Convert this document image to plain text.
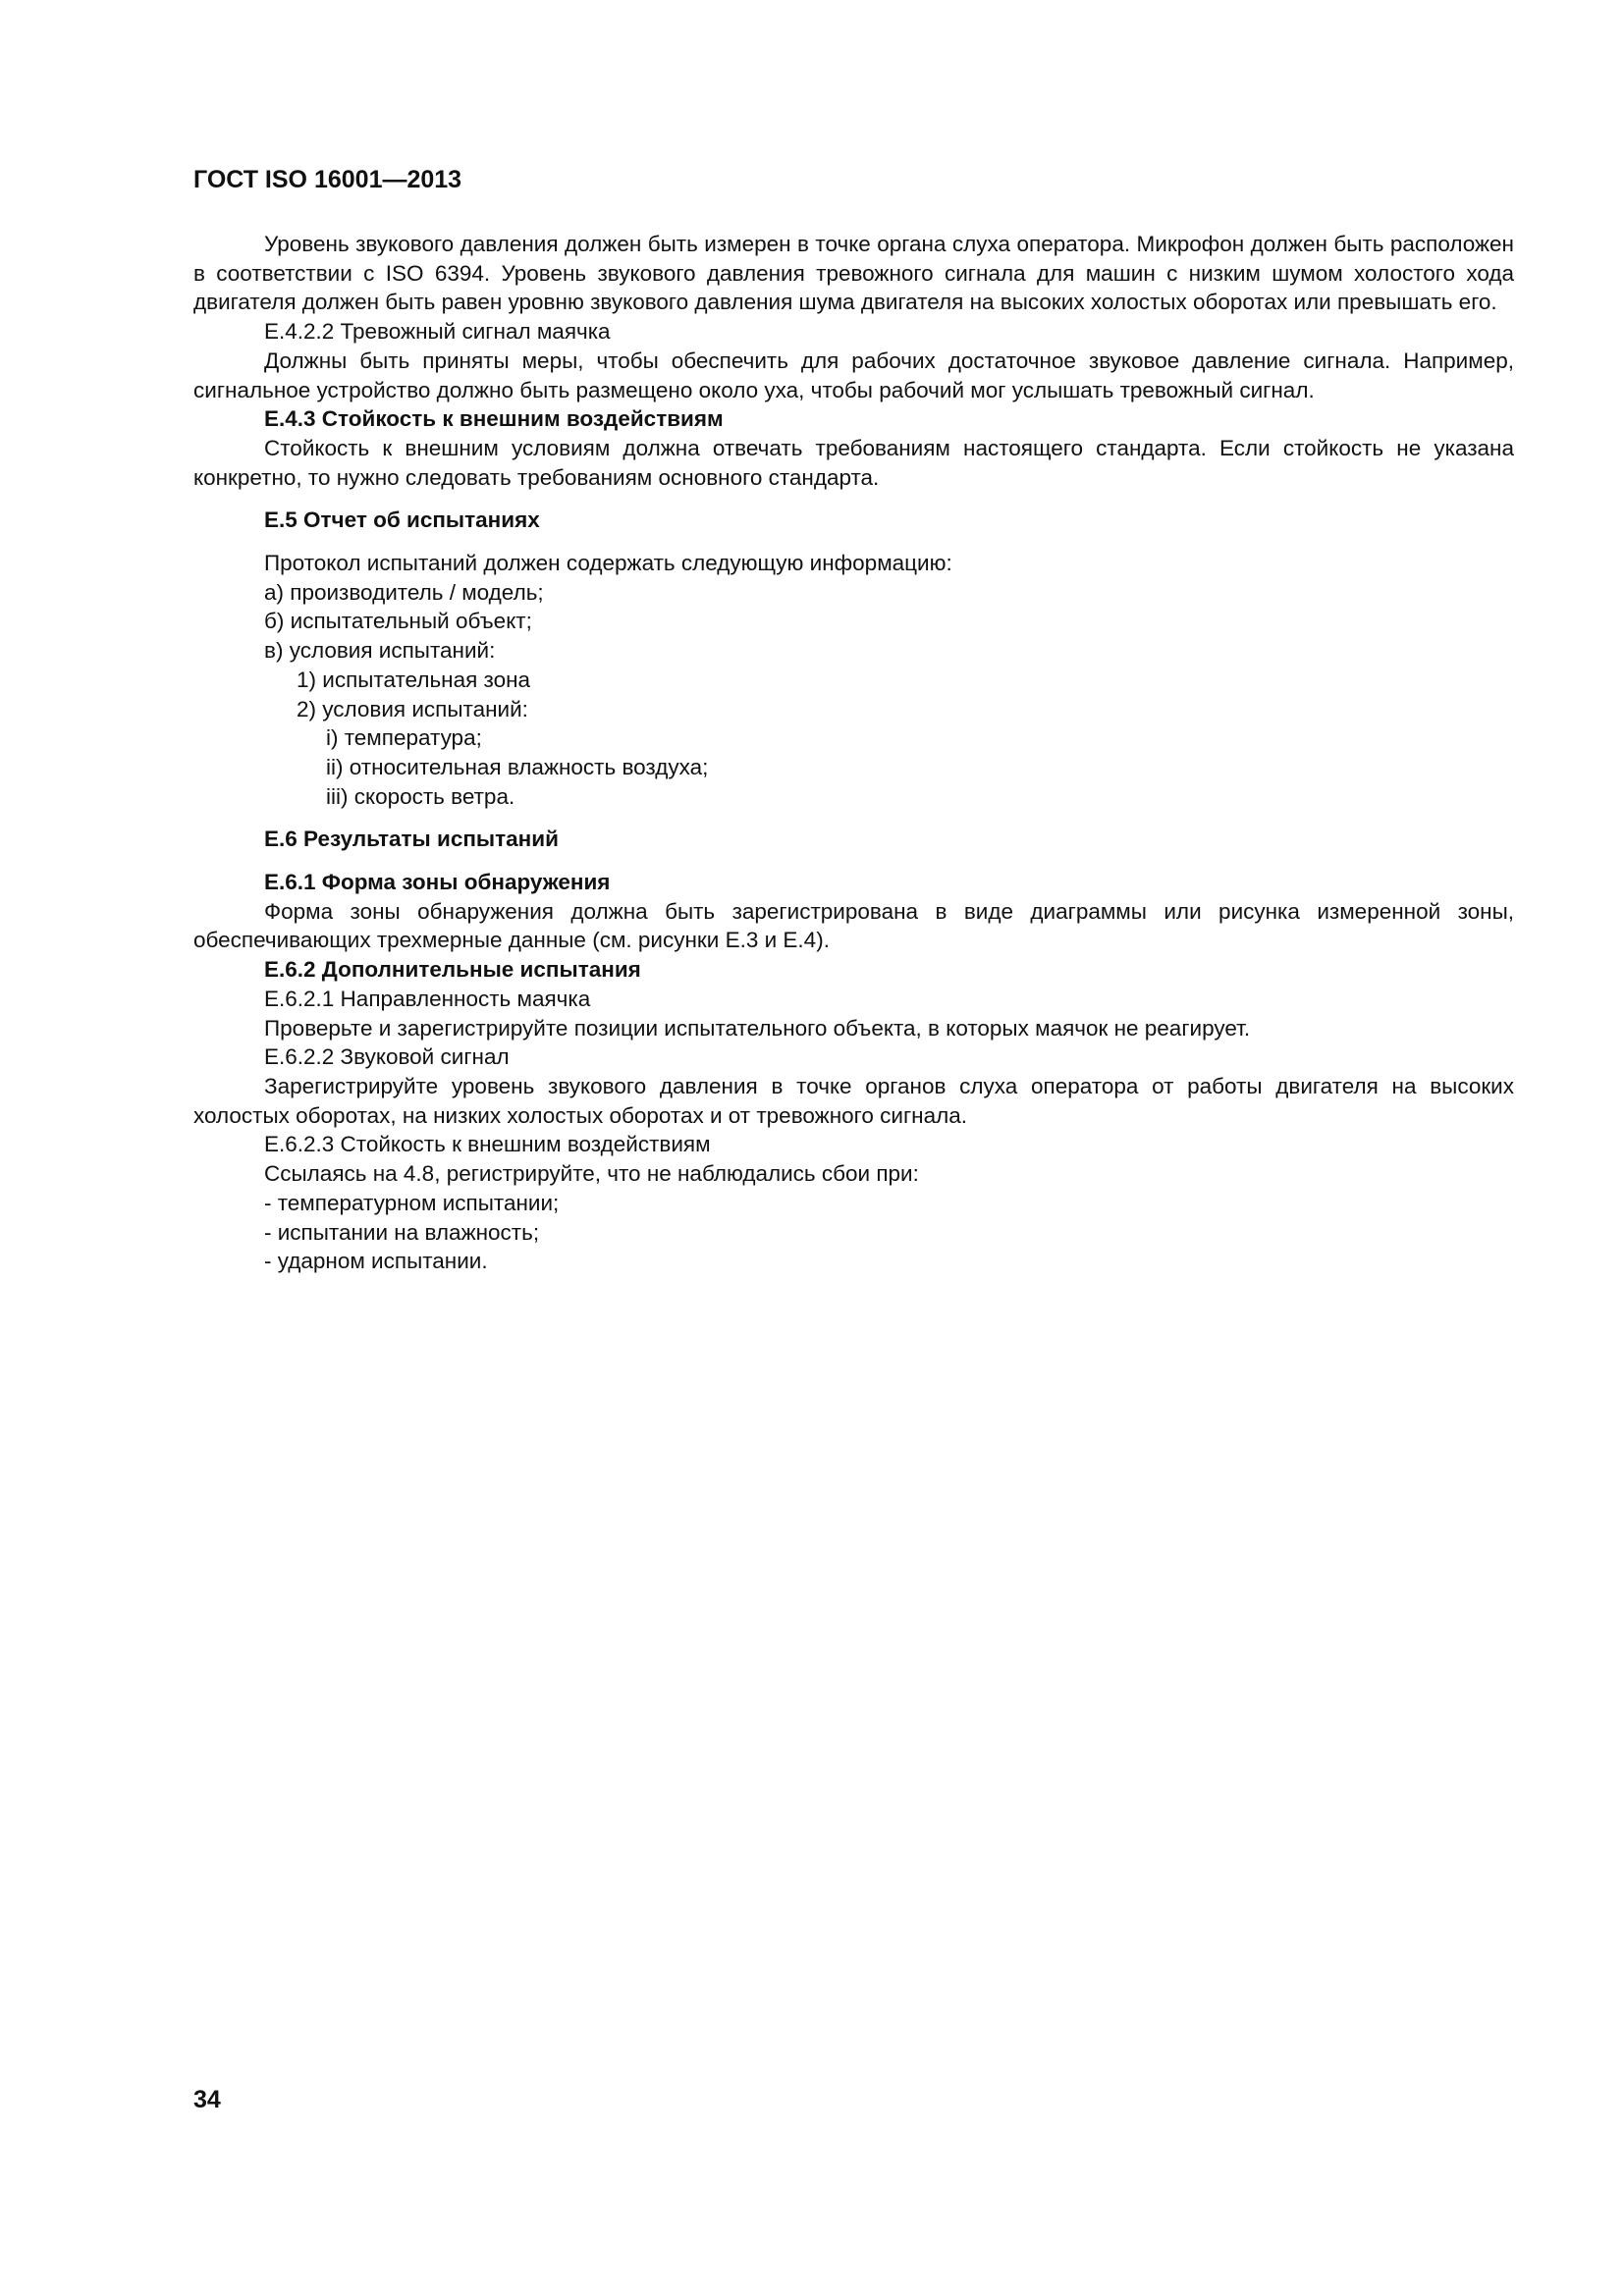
ГОСТ ISO 16001—2013

Уровень звукового давления должен быть измерен в точке органа слуха оператора. Микрофон должен быть расположен в соответствии с ISO 6394. Уровень звукового давления тревожного сигнала для машин с низким шумом холостого хода двигателя должен быть равен уровню звукового давления шума двигателя на высоких холостых оборотах или превышать его.

Е.4.2.2 Тревожный сигнал маячка

Должны быть приняты меры, чтобы обеспечить для рабочих достаточное звуковое давление сигнала. Например, сигнальное устройство должно быть размещено около уха, чтобы рабочий мог услышать тревожный сигнал.

Е.4.3 Стойкость к внешним воздействиям

Стойкость к внешним условиям должна отвечать требованиям настоящего стандарта. Если стойкость не указана конкретно, то нужно следовать требованиям основного стандарта.

Е.5 Отчет об испытаниях

Протокол испытаний должен содержать следующую информацию:

а) производитель / модель;

б) испытательный объект;

в) условия испытаний:

1) испытательная зона

2) условия испытаний:

i) температура;

ii) относительная влажность воздуха;

iii) скорость ветра.

Е.6 Результаты испытаний

Е.6.1 Форма зоны обнаружения

Форма зоны обнаружения должна быть зарегистрирована в виде диаграммы или рисунка измеренной зоны, обеспечивающих трехмерные данные (см. рисунки Е.3 и Е.4).

Е.6.2 Дополнительные испытания

Е.6.2.1 Направленность маячка

Проверьте и зарегистрируйте позиции испытательного объекта, в которых маячок не реагирует.

Е.6.2.2 Звуковой сигнал

Зарегистрируйте уровень звукового давления в точке органов слуха оператора от работы двигателя на высоких холостых оборотах, на низких холостых оборотах и от тревожного сигнала.

Е.6.2.3 Стойкость к внешним воздействиям

Ссылаясь на 4.8, регистрируйте, что не наблюдались сбои при:

- температурном испытании;

- испытании на влажность;

- ударном испытании.

34
